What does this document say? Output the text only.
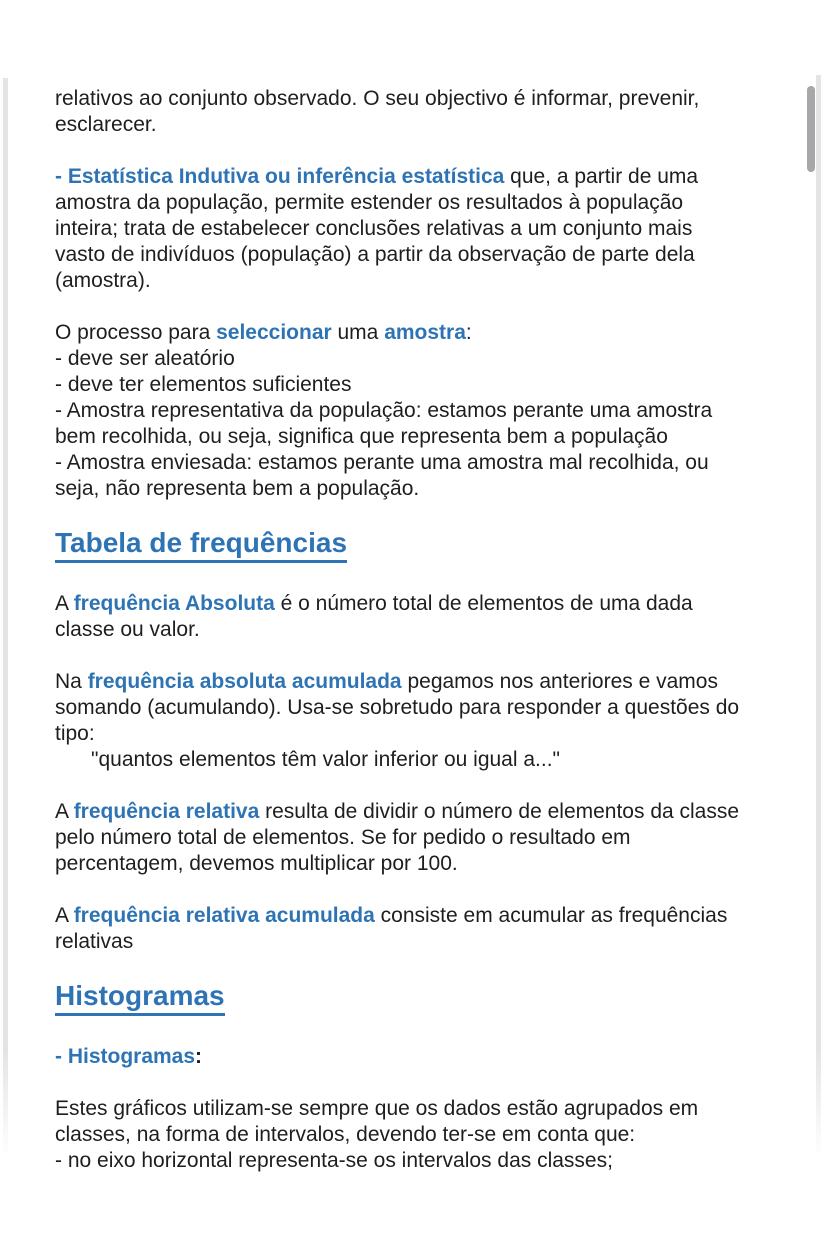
relativos ao conjunto observado. O seu objectivo é informar, prevenir,
esclarecer.
- Estatística Indutiva ou inferência estatística que, a partir de uma
amostra da população, permite estender os resultados à população
inteira; trata de estabelecer conclusões relativas a um conjunto mais
vasto de indivíduos (população) a partir da observação de parte dela
(amostra).
O processo para seleccionar uma amostra:
- deve ser aleatório
- deve ter elementos suficientes
- Amostra representativa da população: estamos perante uma amostra
bem recolhida, ou seja, significa que representa bem a população
- Amostra enviesada: estamos perante uma amostra mal recolhida, ou
seja, não representa bem a população.
Tabela de frequências
A frequência Absoluta é o número total de elementos de uma dada
classe ou valor.
Na frequência absoluta acumulada pegamos nos anteriores e vamos
somando (acumulando). Usa-se sobretudo para responder a questões do
tipo:
"quantos elementos têm valor inferior ou igual a..."
A frequência relativa resulta de dividir o número de elementos da classe
pelo número total de elementos. Se for pedido o resultado em
percentagem, devemos multiplicar por 100.
A frequência relativa acumulada consiste em acumular as frequências
relativas
Histogramas
- Histogramas:
Estes gráficos utilizam-se sempre que os dados estão agrupados em
classes, na forma de intervalos, devendo ter-se em conta que:
- no eixo horizontal representa-se os intervalos das classes;
